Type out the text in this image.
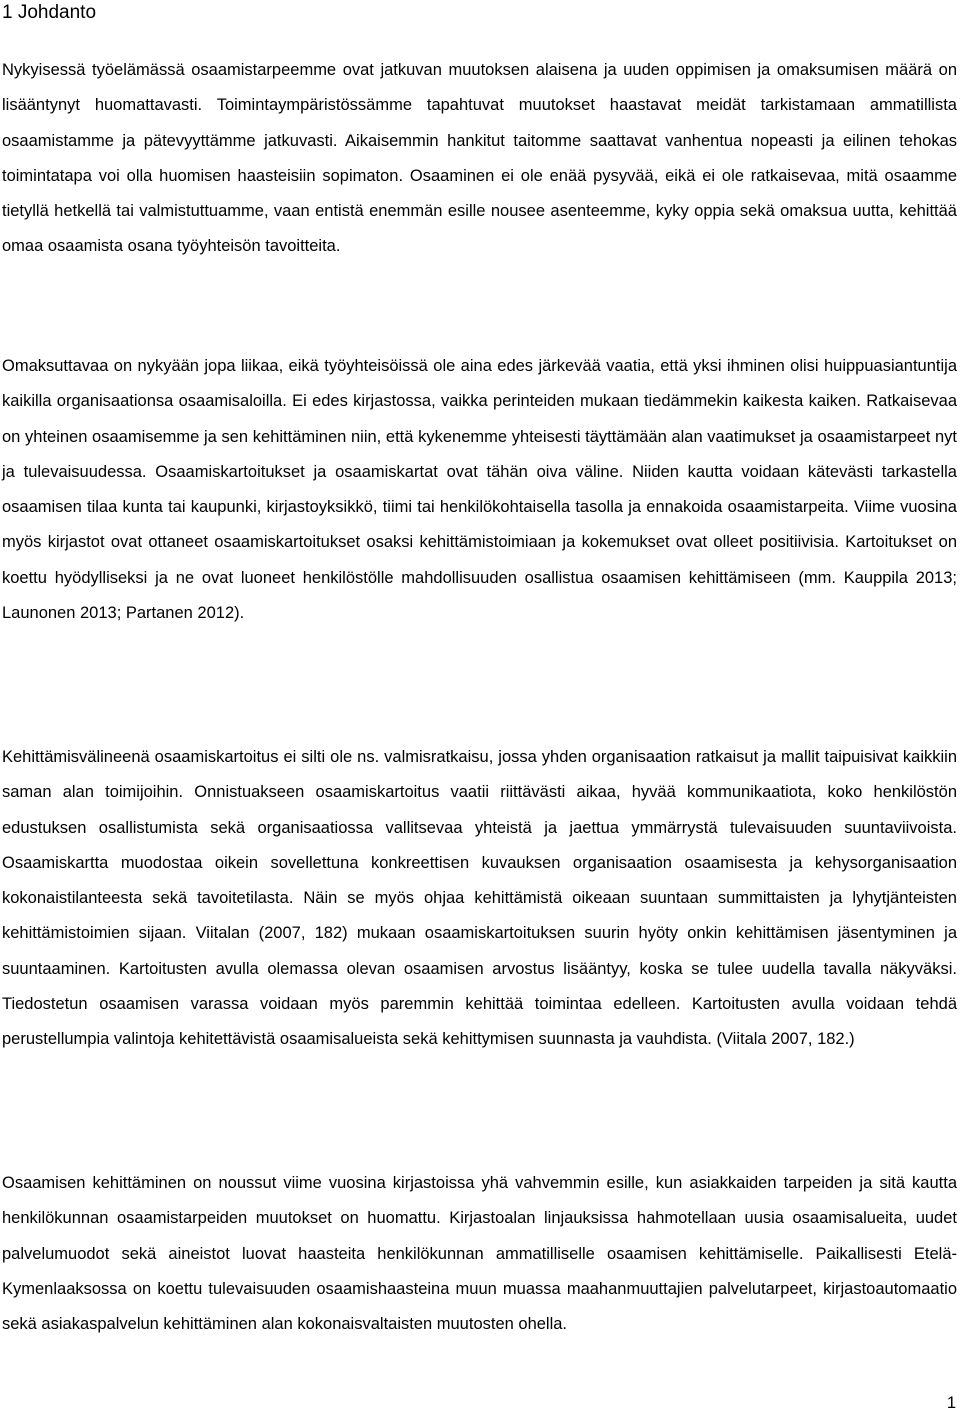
1 Johdanto

Nykyisessä työelämässä osaamistarpeemme ovat jatkuvan muutoksen alaisena ja uuden oppimisen ja omaksumisen määrä on lisääntynyt huomattavasti. Toimintaympäristössämme tapahtuvat muutokset haastavat meidät tarkistamaan ammatillista osaamistamme ja pätevyyttämme jatkuvasti. Aikaisemmin hankitut taitomme saattavat vanhentua nopeasti ja eilinen tehokas toimintatapa voi olla huomisen haasteisiin sopimaton. Osaaminen ei ole enää pysyvää, eikä ei ole ratkaisevaa, mitä osaamme tietyllä hetkellä tai valmistuttuamme, vaan entistä enemmän esille nousee asenteemme, kyky oppia sekä omaksua uutta, kehittää omaa osaamista osana työyhteisön tavoitteita.

Omaksuttavaa on nykyään jopa liikaa, eikä työyhteisöissä ole aina edes järkevää vaatia, että yksi ihminen olisi huippuasiantuntija kaikilla organisaationsa osaamisaloilla. Ei edes kirjastossa, vaikka perinteiden mukaan tiedämmekin kaikesta kaiken. Ratkaisevaa on yhteinen osaamisemme ja sen kehittäminen niin, että kykenemme yhteisesti täyttämään alan vaatimukset ja osaamistarpeet nyt ja tulevaisuudessa. Osaamiskartoitukset ja osaamiskartat ovat tähän oiva väline. Niiden kautta voidaan kätevästi tarkastella osaamisen tilaa kunta tai kaupunki, kirjastoyksikkö, tiimi tai henkilökohtaisella tasolla ja ennakoida osaamistarpeita. Viime vuosina myös kirjastot ovat ottaneet osaamiskartoitukset osaksi kehittämistoimiaan ja kokemukset ovat olleet positiivisia. Kartoitukset on koettu hyödylliseksi ja ne ovat luoneet henkilöstölle mahdollisuuden osallistua osaamisen kehittämiseen (mm. Kauppila 2013; Launonen 2013; Partanen 2012).

Kehittämisvälineenä osaamiskartoitus ei silti ole ns. valmisratkaisu, jossa yhden organisaation ratkaisut ja mallit taipuisivat kaikkiin saman alan toimijoihin. Onnistuakseen osaamiskartoitus vaatii riittävästi aikaa, hyvää kommunikaatiota, koko henkilöstön edustuksen osallistumista sekä organisaatiossa vallitsevaa yhteistä ja jaettua ymmärrystä tulevaisuuden suuntaviivoista. Osaamiskartta muodostaa oikein sovellettuna konkreettisen kuvauksen organisaation osaamisesta ja kehysorganisaation kokonaistilanteesta sekä tavoitetilasta. Näin se myös ohjaa kehittämistä oikeaan suuntaan summittaisten ja lyhytjänteisten kehittämistoimien sijaan. Viitalan (2007, 182) mukaan osaamiskartoituksen suurin hyöty onkin kehittämisen jäsentyminen ja suuntaaminen. Kartoitusten avulla olemassa olevan osaamisen arvostus lisääntyy, koska se tulee uudella tavalla näkyväksi. Tiedostetun osaamisen varassa voidaan myös paremmin kehittää toimintaa edelleen. Kartoitusten avulla voidaan tehdä perustellumpia valintoja kehitettävistä osaamisalueista sekä kehittymisen suunnasta ja vauhdista. (Viitala 2007, 182.)

Osaamisen kehittäminen on noussut viime vuosina kirjastoissa yhä vahvemmin esille, kun asiakkaiden tarpeiden ja sitä kautta henkilökunnan osaamistarpeiden muutokset on huomattu. Kirjastoalan linjauksissa hahmotellaan uusia osaamisalueita, uudet palvelumuodot sekä aineistot luovat haasteita henkilökunnan ammatilliselle osaamisen kehittämiselle. Paikallisesti Etelä-Kymenlaaksossa on koettu tulevaisuuden osaamishaasteina muun muassa maahanmuuttajien palvelutarpeet, kirjastoautomaatio sekä asiakaspalvelun kehittäminen alan kokonaisvaltaisten muutosten ohella.

1
